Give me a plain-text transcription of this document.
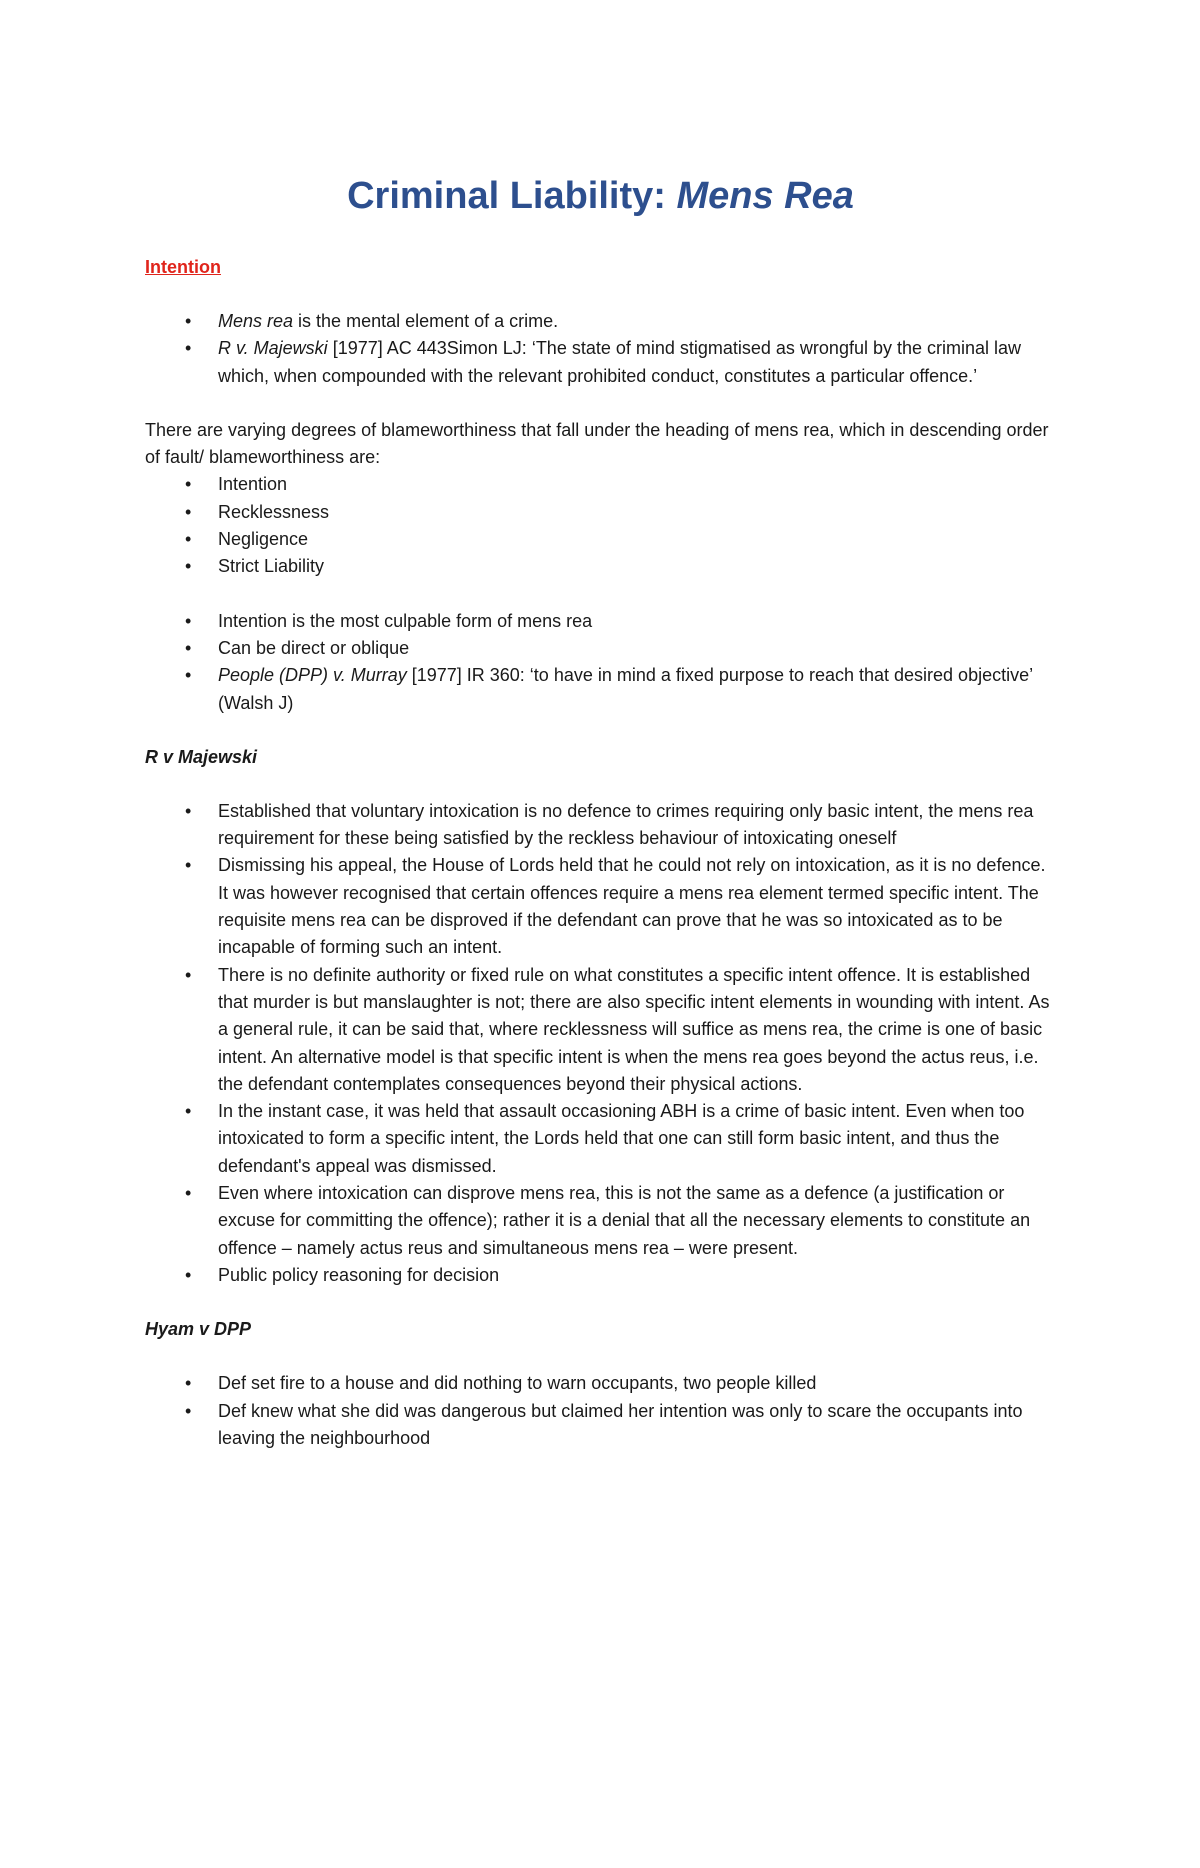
Criminal Liability: Mens Rea

Intention

• Mens rea is the mental element of a crime.
• R v. Majewski [1977] AC 443Simon LJ: ‘The state of mind stigmatised as wrongful by the criminal law which, when compounded with the relevant prohibited conduct, constitutes a particular offence.’

There are varying degrees of blameworthiness that fall under the heading of mens rea, which in descending order of fault/ blameworthiness are:

• Intention
• Recklessness
• Negligence
• Strict Liability
• Intention is the most culpable form of mens rea
• Can be direct or oblique
• People (DPP) v. Murray [1977] IR 360: ‘to have in mind a fixed purpose to reach that desired objective’ (Walsh J)

R v Majewski

• Established that voluntary intoxication is no defence to crimes requiring only basic intent, the mens rea requirement for these being satisfied by the reckless behaviour of intoxicating oneself
• Dismissing his appeal, the House of Lords held that he could not rely on intoxication, as it is no defence. It was however recognised that certain offences require a mens rea element termed specific intent. The requisite mens rea can be disproved if the defendant can prove that he was so intoxicated as to be incapable of forming such an intent.
• There is no definite authority or fixed rule on what constitutes a specific intent offence. It is established that murder is but manslaughter is not; there are also specific intent elements in wounding with intent. As a general rule, it can be said that, where recklessness will suffice as mens rea, the crime is one of basic intent. An alternative model is that specific intent is when the mens rea goes beyond the actus reus, i.e. the defendant contemplates consequences beyond their physical actions.
• In the instant case, it was held that assault occasioning ABH is a crime of basic intent. Even when too intoxicated to form a specific intent, the Lords held that one can still form basic intent, and thus the defendant's appeal was dismissed.
• Even where intoxication can disprove mens rea, this is not the same as a defence (a justification or excuse for committing the offence); rather it is a denial that all the necessary elements to constitute an offence – namely actus reus and simultaneous mens rea – were present.
• Public policy reasoning for decision

Hyam v DPP

• Def set fire to a house and did nothing to warn occupants, two people killed
• Def knew what she did was dangerous but claimed her intention was only to scare the occupants into leaving the neighbourhood
